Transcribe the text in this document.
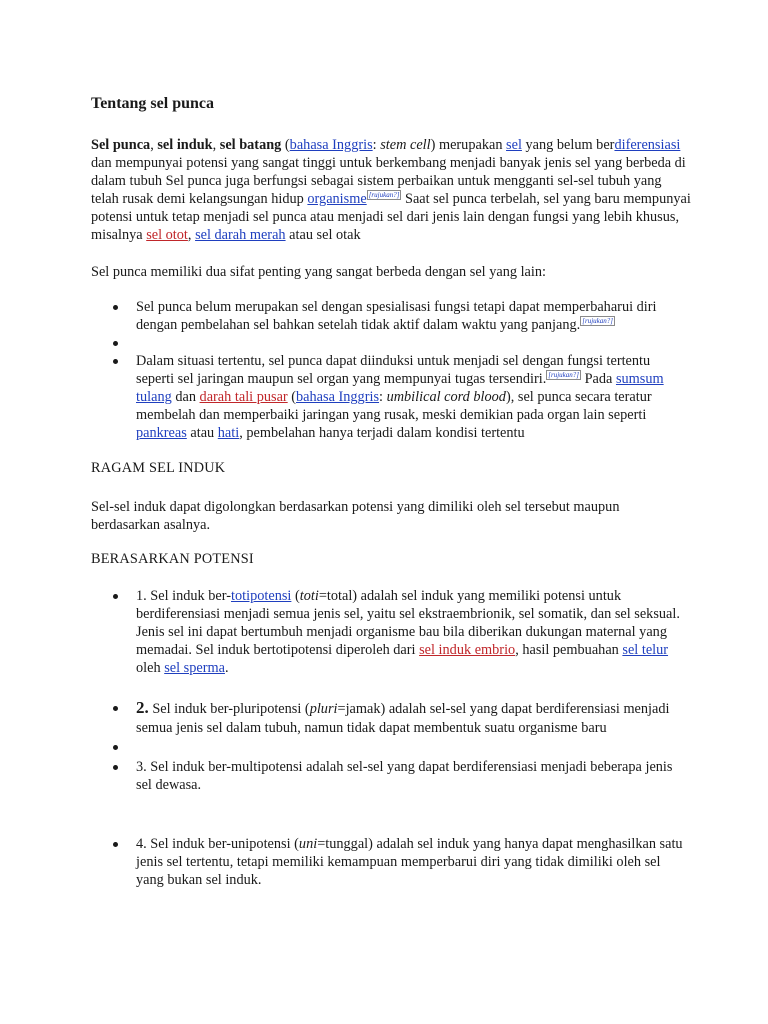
Tentang sel punca

Sel punca, sel induk, sel batang (bahasa Inggris: stem cell) merupakan sel yang belum berdiferensiasi dan mempunyai potensi yang sangat tinggi untuk berkembang menjadi banyak jenis sel yang berbeda di dalam tubuh Sel punca juga berfungsi sebagai sistem perbaikan untuk mengganti sel-sel tubuh yang telah rusak demi kelangsungan hidup organisme [rujukan?] Saat sel punca terbelah, sel yang baru mempunyai potensi untuk tetap menjadi sel punca atau menjadi sel dari jenis lain dengan fungsi yang lebih khusus, misalnya sel otot, sel darah merah atau sel otak

Sel punca memiliki dua sifat penting yang sangat berbeda dengan sel yang lain:
Sel punca belum merupakan sel dengan spesialisasi fungsi tetapi dapat memperbaharui diri dengan pembelahan sel bahkan setelah tidak aktif dalam waktu yang panjang. [rujukan?]
Dalam situasi tertentu, sel punca dapat diinduksi untuk menjadi sel dengan fungsi tertentu seperti sel jaringan maupun sel organ yang mempunyai tugas tersendiri. [rujukan?] Pada sumsum tulang dan darah tali pusar (bahasa Inggris: umbilical cord blood), sel punca secara teratur membelah dan memperbaiki jaringan yang rusak, meski demikian pada organ lain seperti pankreas atau hati, pembelahan hanya terjadi dalam kondisi tertentu
RAGAM SEL INDUK
Sel-sel induk dapat digolongkan berdasarkan potensi yang dimiliki oleh sel tersebut maupun berdasarkan asalnya.
BERASARKAN POTENSI
1. Sel induk ber-totipotensi (toti=total) adalah sel induk yang memiliki potensi untuk berdiferensiasi menjadi semua jenis sel, yaitu sel ekstraembrionik, sel somatik, dan sel seksual. Jenis sel ini dapat bertumbuh menjadi organisme bau bila diberikan dukungan maternal yang memadai. Sel induk bertotipotensi diperoleh dari sel induk embrio, hasil pembuahan sel telur oleh sel sperma.
2. Sel induk ber-pluripotensi (pluri=jamak) adalah sel-sel yang dapat berdiferensiasi menjadi semua jenis sel dalam tubuh, namun tidak dapat membentuk suatu organisme baru
3. Sel induk ber-multipotensi adalah sel-sel yang dapat berdiferensiasi menjadi beberapa jenis sel dewasa.
4. Sel induk ber-unipotensi (uni=tunggal) adalah sel induk yang hanya dapat menghasilkan satu jenis sel tertentu, tetapi memiliki kemampuan memperbarui diri yang tidak dimiliki oleh sel yang bukan sel induk.
